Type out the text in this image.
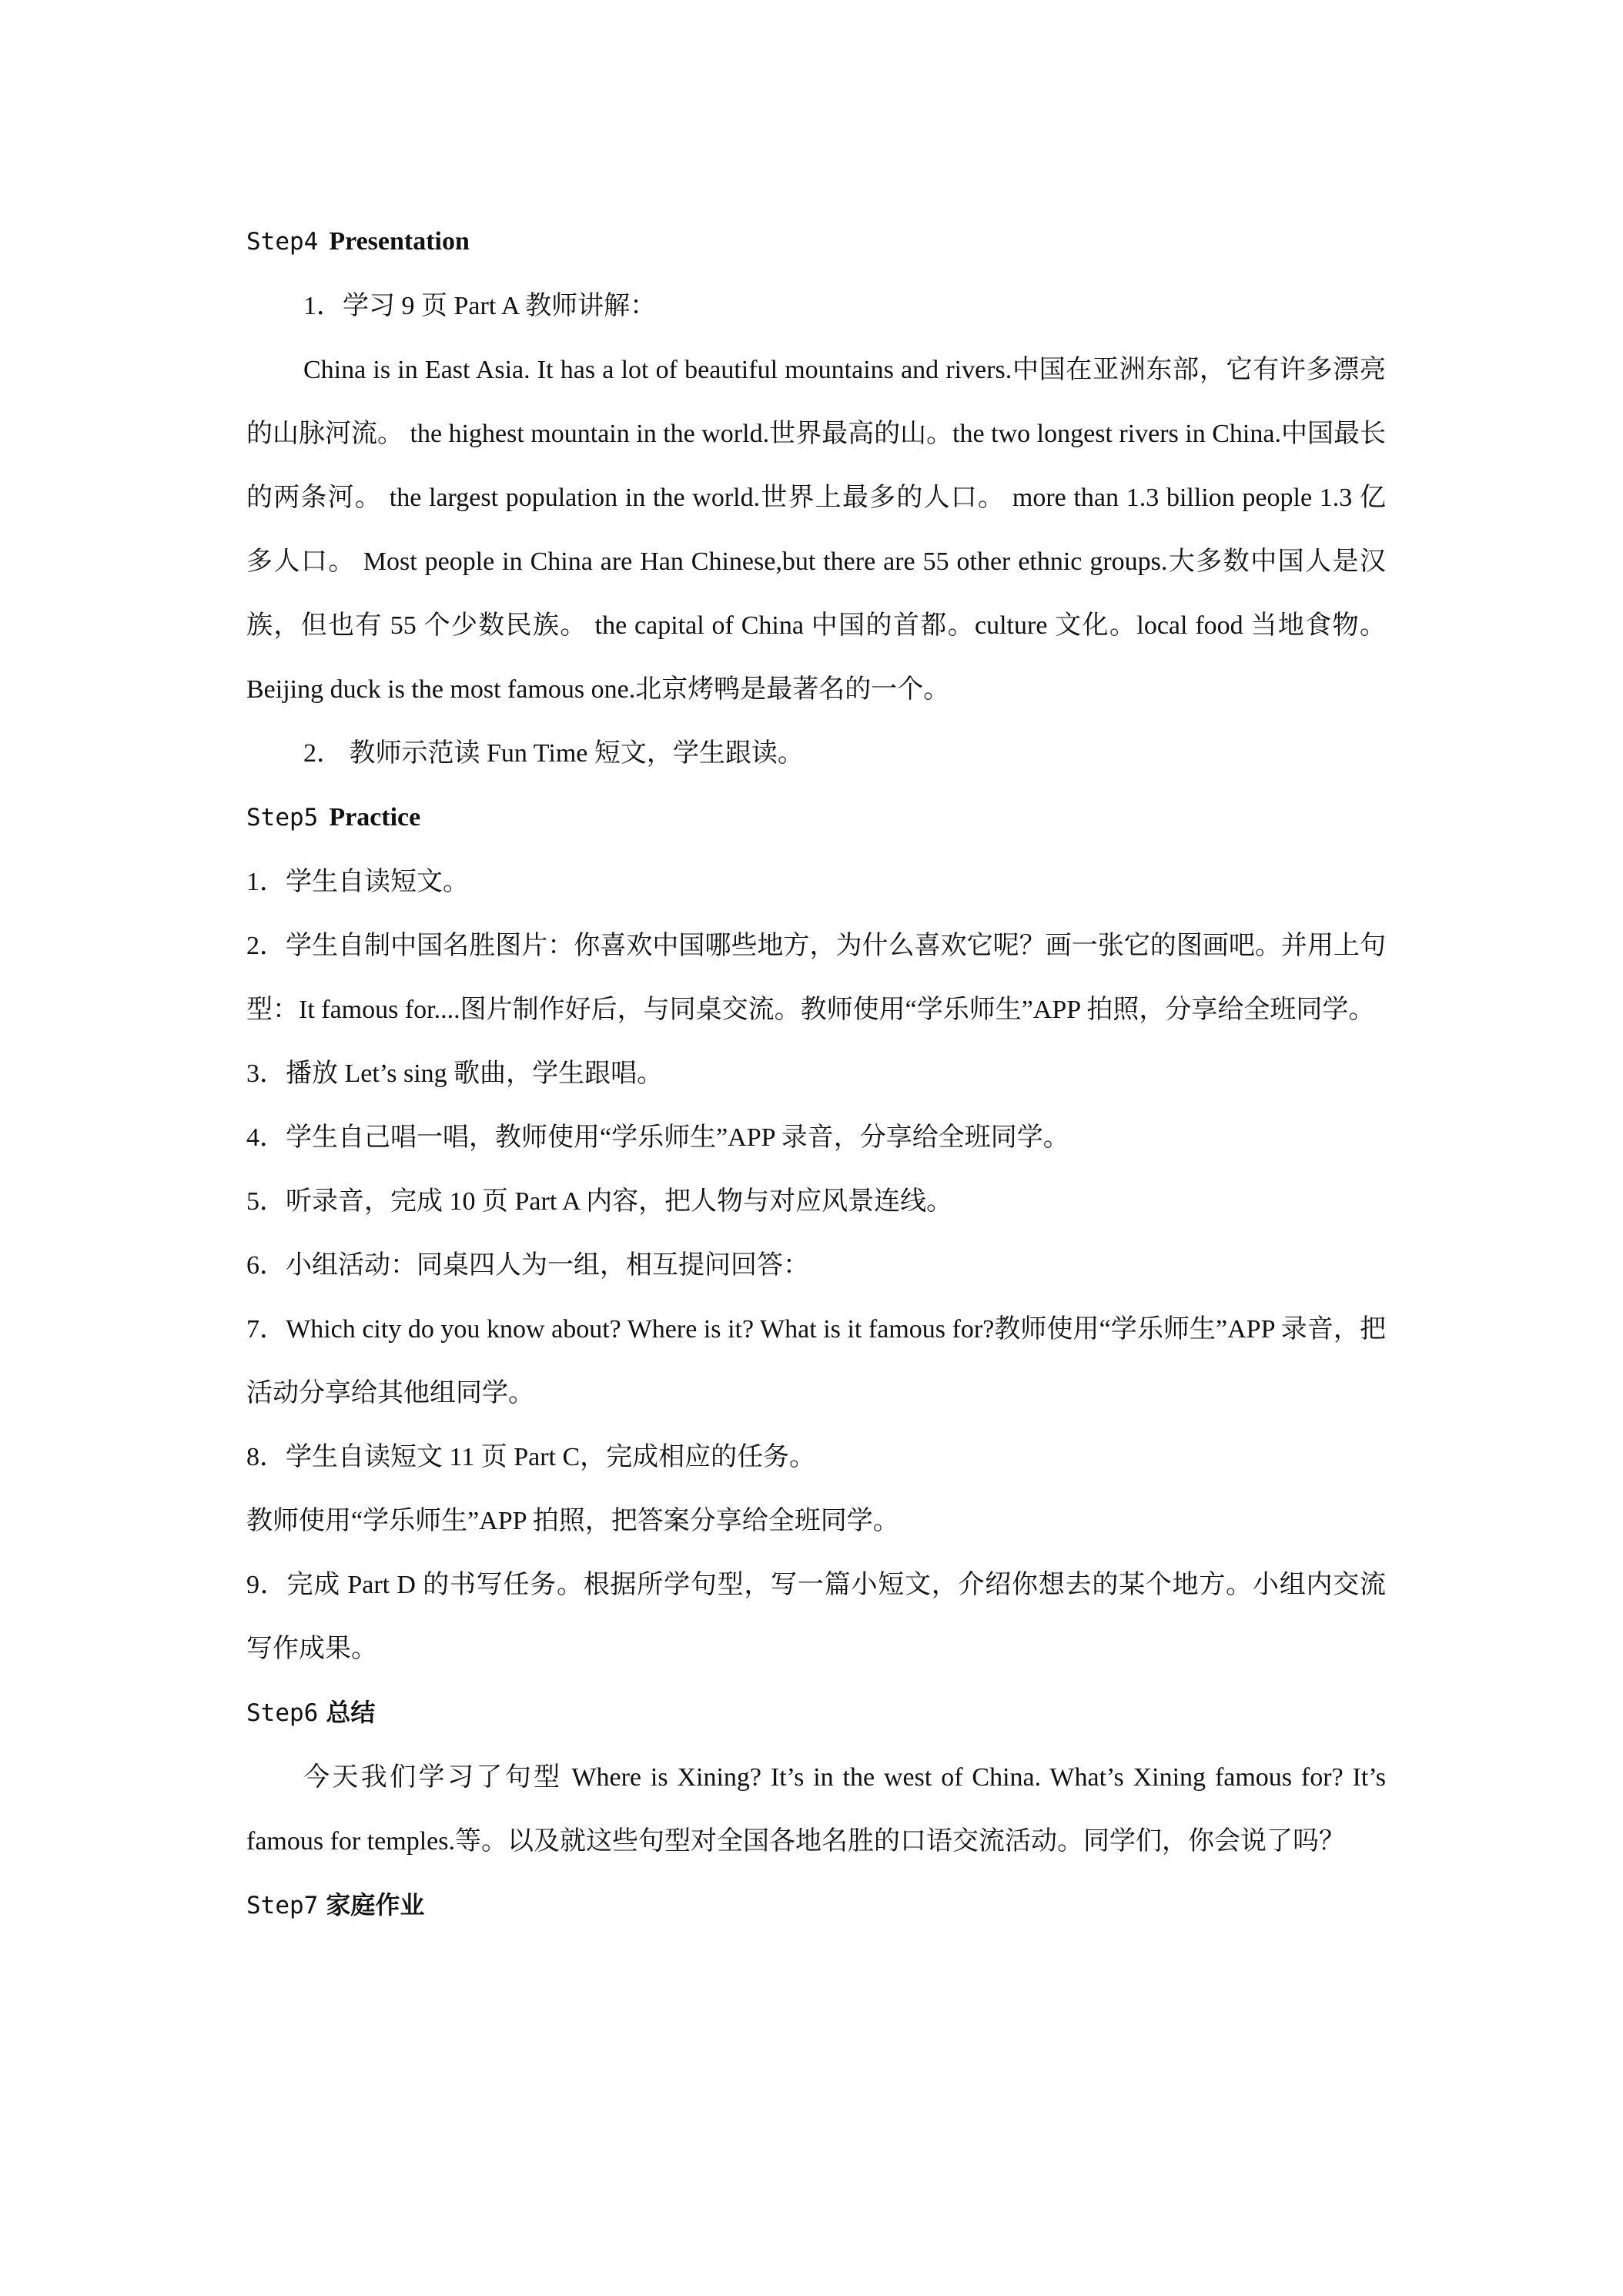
Step4 Presentation

1．学习 9 页 Part A 教师讲解：

China is in East Asia. It has a lot of beautiful mountains and rivers.中国在亚洲东部，它有许多漂亮的山脉河流。 the highest mountain in the world.世界最高的山。the two longest rivers in China.中国最长的两条河。 the largest population in the world.世界上最多的人口。 more than 1.3 billion people 1.3 亿多人口。 Most people in China are Han Chinese,but there are 55 other ethnic groups.大多数中国人是汉族，但也有 55 个少数民族。 the capital of China 中国的首都。culture 文化。local food 当地食物。 Beijing duck is the most famous one.北京烤鸭是最著名的一个。

2． 教师示范读 Fun Time 短文，学生跟读。

Step5 Practice

1．学生自读短文。

2．学生自制中国名胜图片：你喜欢中国哪些地方，为什么喜欢它呢？画一张它的图画吧。并用上句型：It famous for....图片制作好后，与同桌交流。教师使用“学乐师生”APP 拍照，分享给全班同学。

3．播放 Let’s sing 歌曲，学生跟唱。

4．学生自己唱一唱，教师使用“学乐师生”APP 录音，分享给全班同学。

5．听录音，完成 10 页 Part A 内容，把人物与对应风景连线。

6．小组活动：同桌四人为一组，相互提问回答：

7．Which city do you know about? Where is it? What is it famous for?教师使用“学乐师生”APP 录音，把活动分享给其他组同学。

8．学生自读短文 11 页 Part C，完成相应的任务。

教师使用“学乐师生”APP 拍照，把答案分享给全班同学。

9．完成 Part D 的书写任务。根据所学句型，写一篇小短文，介绍你想去的某个地方。小组内交流写作成果。

Step6 总结

今天我们学习了句型 Where is Xining? It’s in the west of China. What’s Xining famous for? It’s famous for temples.等。以及就这些句型对全国各地名胜的口语交流活动。同学们，你会说了吗？

Step7 家庭作业
